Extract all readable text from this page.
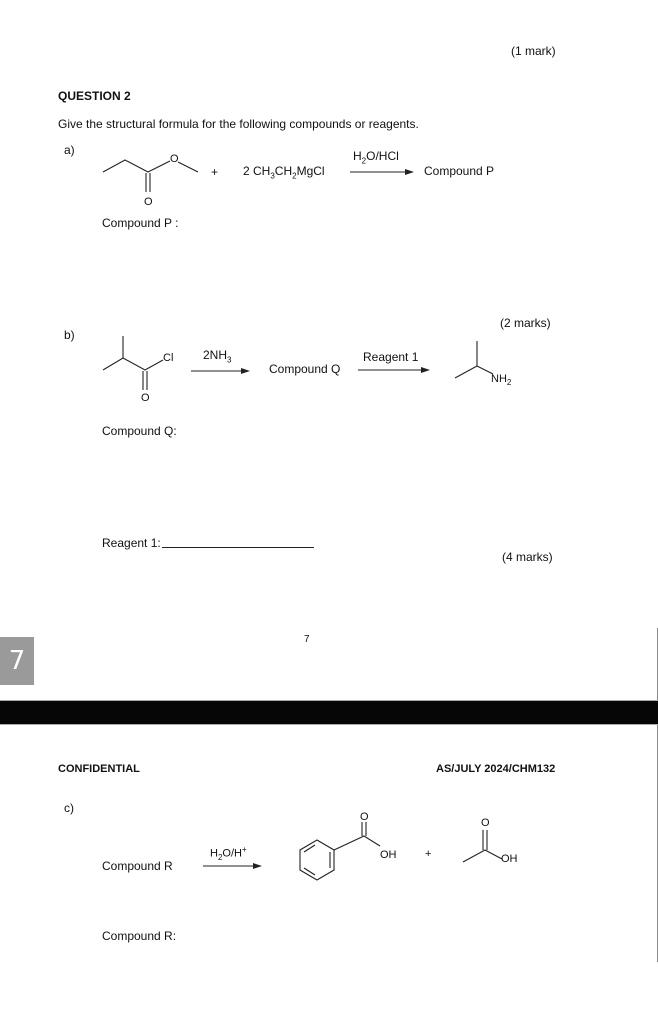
(1 mark)
QUESTION 2
Give the structural formula for the following compounds or reagents.
a)
O
O
Cl
O
O
OH
O
OH
+ 2 $CH_3CH_2MgCl$
$H_2O$/HCl
Compound P
Compound P :
(2 marks)
b)
$2NH_3$
Compound Q
Reagent 1
$NH_2$
Compound Q:
Reagent 1:
(4 marks)
7
7
CONFIDENTIAL	AS/JULY 2024/CHM132
c)
Compound R
$H_2O/H^+$	+
Compound R:
